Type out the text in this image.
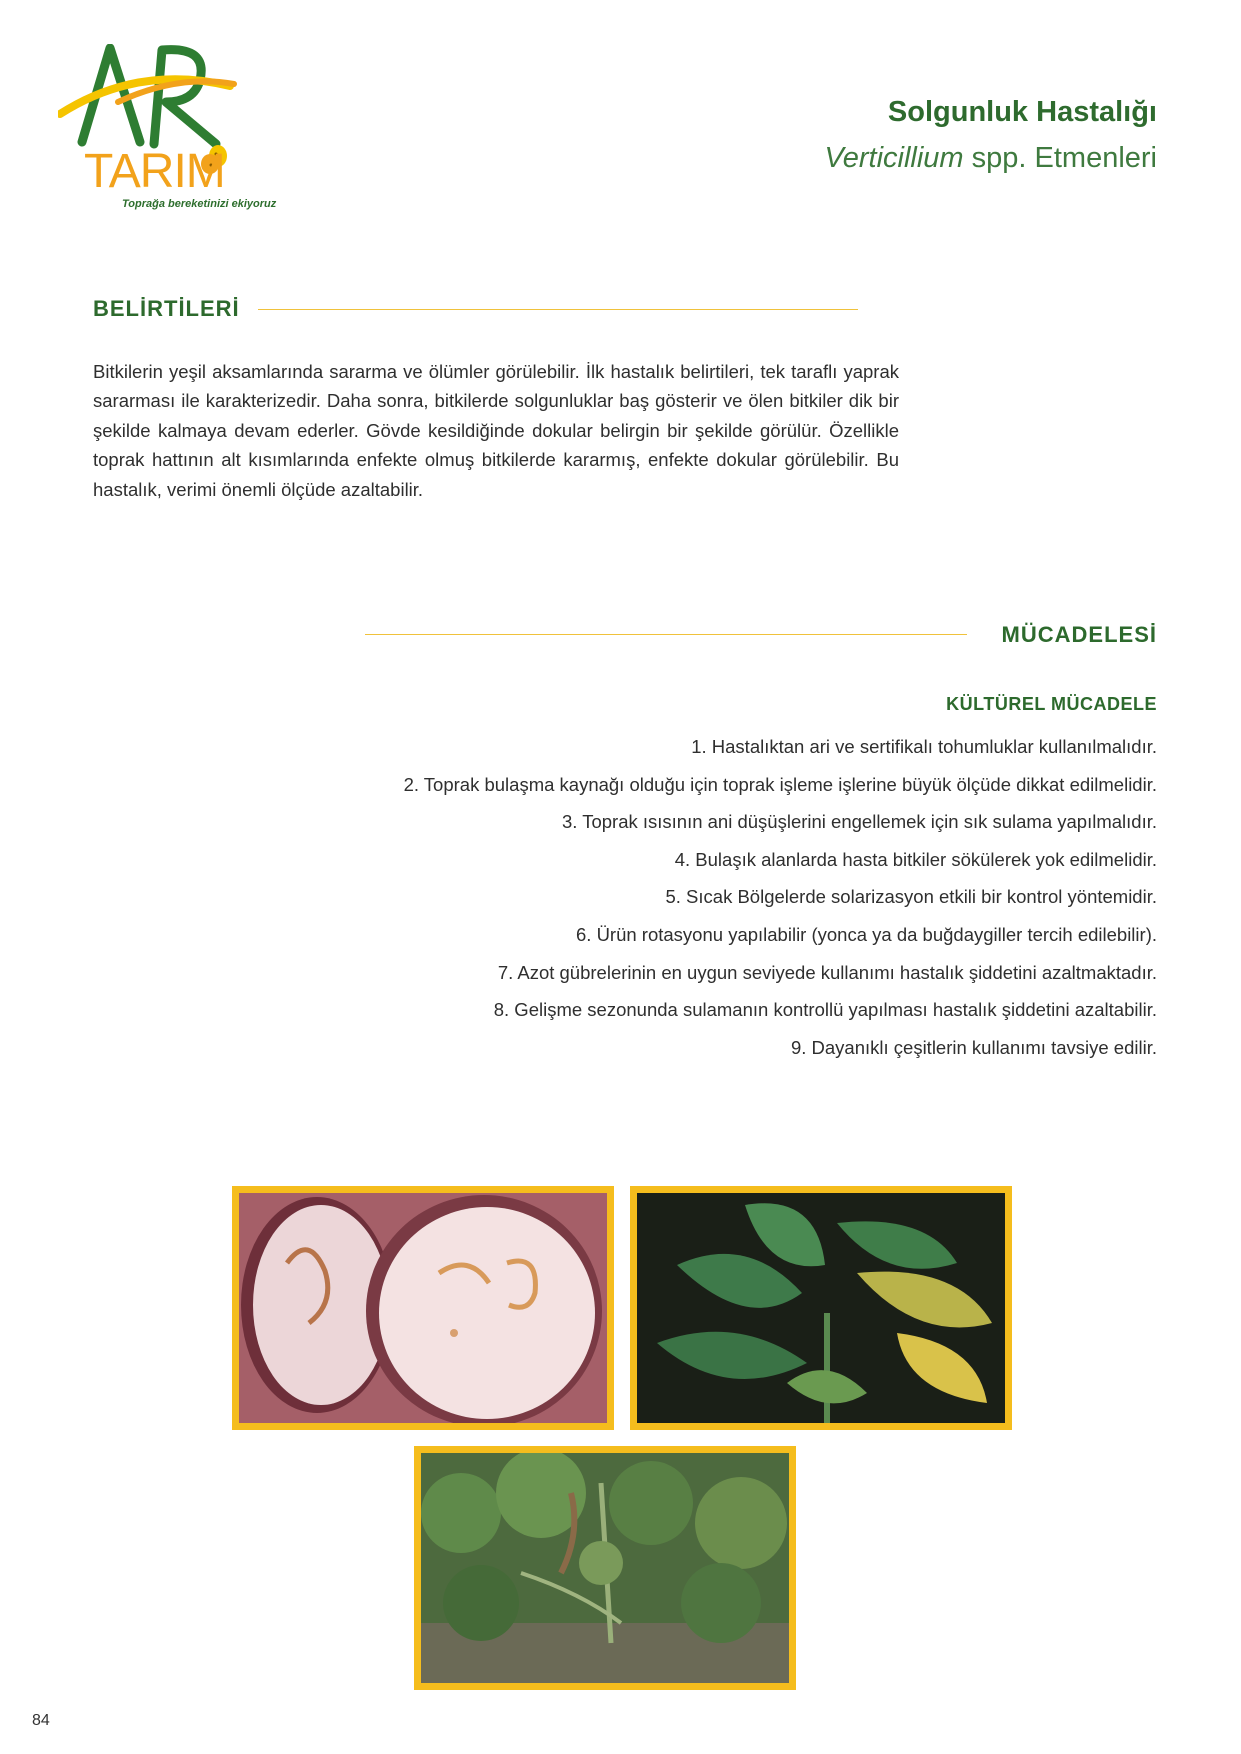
TARIM
Toprağa bereketinizi ekiyoruz
Solgunluk Hastalığı
Verticillium spp. Etmenleri
BELİRTİLERİ
Bitkilerin yeşil aksamlarında sararma ve ölümler görülebilir. İlk hastalık belirtileri, tek taraflı yaprak sararması ile karakterizedir. Daha sonra, bitkilerde solgunluklar baş gösterir ve ölen bitkiler dik bir şekilde kalmaya devam ederler. Gövde kesildiğinde dokular belirgin bir şekilde görülür. Özellikle toprak hattının alt kısımlarında enfekte olmuş bitkilerde kararmış, enfekte dokular görülebilir. Bu hastalık, verimi önemli ölçüde azaltabilir.
MÜCADELESİ
KÜLTÜREL MÜCADELE
1. Hastalıktan ari ve sertifikalı tohumluklar kullanılmalıdır.
2. Toprak bulaşma kaynağı olduğu için toprak işleme işlerine büyük ölçüde dikkat edilmelidir.
3. Toprak ısısının ani düşüşlerini engellemek için sık sulama yapılmalıdır.
4. Bulaşık alanlarda hasta bitkiler sökülerek yok edilmelidir.
5. Sıcak Bölgelerde solarizasyon etkili bir kontrol yöntemidir.
6. Ürün rotasyonu yapılabilir (yonca ya da buğdaygiller tercih edilebilir).
7. Azot gübrelerinin en uygun seviyede kullanımı hastalık şiddetini azaltmaktadır.
8. Gelişme sezonunda sulamanın kontrollü yapılması hastalık şiddetini azaltabilir.
9. Dayanıklı çeşitlerin kullanımı tavsiye edilir.
84
